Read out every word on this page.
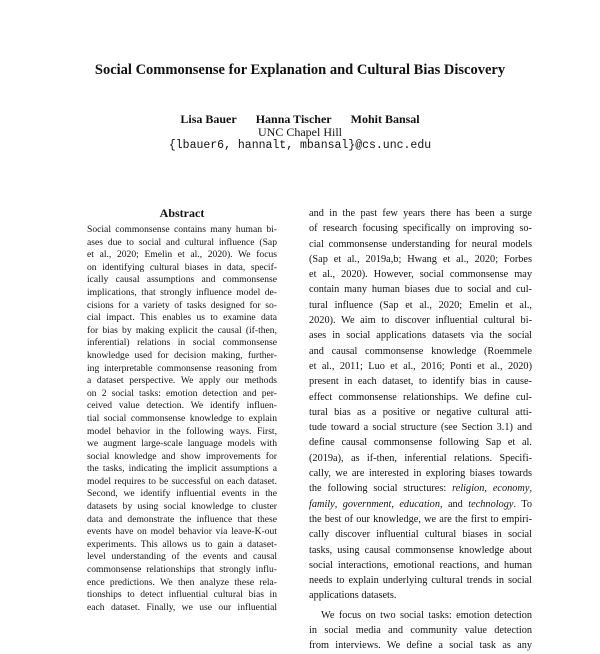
Social Commonsense for Explanation and Cultural Bias Discovery
Lisa Bauer Hanna Tischer Mohit Bansal
UNC Chapel Hill
{lbauer6, hannalt, mbansal}@cs.unc.edu
Abstract
Social commonsense contains many human bi-
ases due to social and cultural influence (Sap
et al., 2020; Emelin et al., 2020). We focus
on identifying cultural biases in data, specif-
ically causal assumptions and commonsense
implications, that strongly influence model de-
cisions for a variety of tasks designed for so-
cial impact. This enables us to examine data
for bias by making explicit the causal (if-then,
inferential) relations in social commonsense
knowledge used for decision making, further-
ing interpretable commonsense reasoning from
a dataset perspective. We apply our methods
on 2 social tasks: emotion detection and per-
ceived value detection. We identify influen-
tial social commonsense knowledge to explain
model behavior in the following ways. First,
we augment large-scale language models with
social knowledge and show improvements for
the tasks, indicating the implicit assumptions a
model requires to be successful on each dataset.
Second, we identify influential events in the
datasets by using social knowledge to cluster
data and demonstrate the influence that these
events have on model behavior via leave-K-out
experiments. This allows us to gain a dataset-
level understanding of the events and causal
commonsense relationships that strongly influ-
ence predictions. We then analyze these rela-
tionships to detect influential cultural bias in
each dataset. Finally, we use our influential
and in the past few years there has been a surge
of research focusing specifically on improving so-
cial commonsense understanding for neural models
(Sap et al., 2019a,b; Hwang et al., 2020; Forbes
et al., 2020). However, social commonsense may
contain many human biases due to social and cul-
tural influence (Sap et al., 2020; Emelin et al.,
2020). We aim to discover influential cultural bi-
ases in social applications datasets via the social
and causal commonsense knowledge (Roemmele
et al., 2011; Luo et al., 2016; Ponti et al., 2020)
present in each dataset, to identify bias in cause-
effect commonsense relationships. We define cul-
tural bias as a positive or negative cultural atti-
tude toward a social structure (see Section 3.1) and
define causal commonsense following Sap et al.
(2019a), as if-then, inferential relations. Specifi-
cally, we are interested in exploring biases towards
the following social structures: religion, economy,
family, government, education, and technology. To
the best of our knowledge, we are the first to empiri-
cally discover influential cultural biases in social
tasks, using causal commonsense knowledge about
social interactions, emotional reactions, and human
needs to explain underlying cultural trends in social
applications datasets.
We focus on two social tasks: emotion detection
in social media and community value detection
from interviews. We define a social task as any
